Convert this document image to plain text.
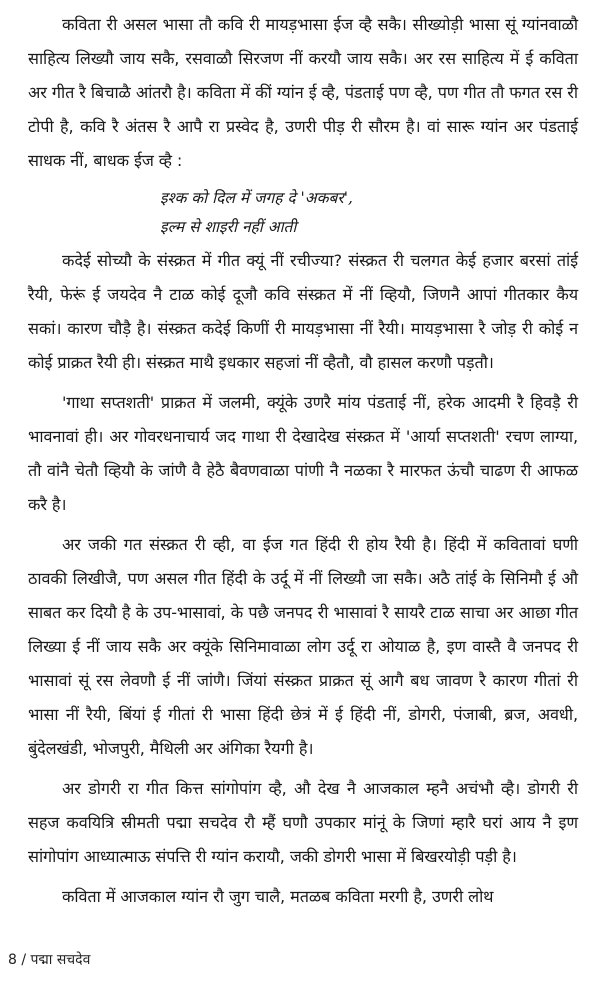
कविता री असल भासा तौ कवि री मायड़भासा ईज व्है सकै। सीख्योड़ी भासा सूं ग्यांनवाळौ साहित्य लिख्यौ जाय सकै, रसवाळौ सिरजण नीं करयौ जाय सकै। अर रस साहित्य में ई कविता अर गीत रै बिचाळै आंतरौ है। कविता में कीं ग्यांन ई व्है, पंडताई पण व्है, पण गीत तौ फगत रस री टोपी है, कवि रै अंतस रै आपै रा प्रस्वेद है, उणरी पीड़ री सौरम है। वां सारू ग्यांन अर पंडताई साधक नीं, बाधक ईज व्है :

इश्क को दिल में जगह दे 'अकबर',
इल्म से शाइरी नहीं आती

कदेई सोच्यौ के संस्क्रत में गीत क्यूं नीं रचीज्या? संस्क्रत री चलगत केई हजार बरसां तांई रैयी, फेरूं ई जयदेव नै टाळ कोई दूजौ कवि संस्क्रत में नीं व्हियौ, जिणनै आपां गीतकार कैय सकां। कारण चौड़ै है। संस्क्रत कदेई किणीं री मायड़भासा नीं रैयी। मायड़भासा रै जोड़ री कोई न कोई प्राक्रत रैयी ही। संस्क्रत माथै इधकार सहजां नीं व्हैतौ, वौ हासल करणौ पड़तौ।

'गाथा सप्तशती' प्राक्रत में जलमी, क्यूंके उणरै मांय पंडताई नीं, हरेक आदमी रै हिवड़ै री भावनावां ही। अर गोवरधनाचार्य जद गाथा री देखादेख संस्क्रत में 'आर्या सप्तशती' रचण लाग्या, तौ वांनै चेतौ व्हियौ के जांणै वै हेठै बैवणवाळा पांणी नै नळका रै मारफत ऊंचौ चाढण री आफळ करै है।

अर जकी गत संस्क्रत री व्ही, वा ईज गत हिंदी री होय रैयी है। हिंदी में कवितावां घणी ठावकी लिखीजै, पण असल गीत हिंदी के उर्दू में नीं लिख्यौ जा सकै। अठै तांई के सिनिमौ ई औ साबत कर दियौ है के उप-भासावां, के पछै जनपद री भासावां रै सायरै टाळ साचा अर आछा गीत लिख्या ई नीं जाय सकै अर क्यूंके सिनिमावाळा लोग उर्दू रा ओयाळ है, इण वास्तै वै जनपद री भासावां सूं रस लेवणौ ई नीं जांणै। जिंयां संस्क्रत प्राक्रत सूं आगै बध जावण रै कारण गीतां री भासा नीं रैयी, बिंयां ई गीतां री भासा हिंदी छेत्रं में ई हिंदी नीं, डोगरी, पंजाबी, ब्रज, अवधी, बुंदेलखंडी, भोजपुरी, मैथिली अर अंगिका रैयगी है।

अर डोगरी रा गीत कित्त सांगोपांग व्है, औ देख नै आजकाल म्हनै अचंभौ व्है। डोगरी री सहज कवयित्रि स्रीमती पद्मा सचदेव रौ म्हैं घणौ उपकार मांनूं के जिणां म्हारै घरां आय नै इण सांगोपांग आध्यात्माऊ संपत्ति री ग्यांन करायौ, जकी डोगरी भासा में बिखरयोड़ी पड़ी है।

कविता में आजकाल ग्यांन रौ जुग चालै, मतळब कविता मरगी है, उणरी लोथ

8 / पद्मा सचदेव
